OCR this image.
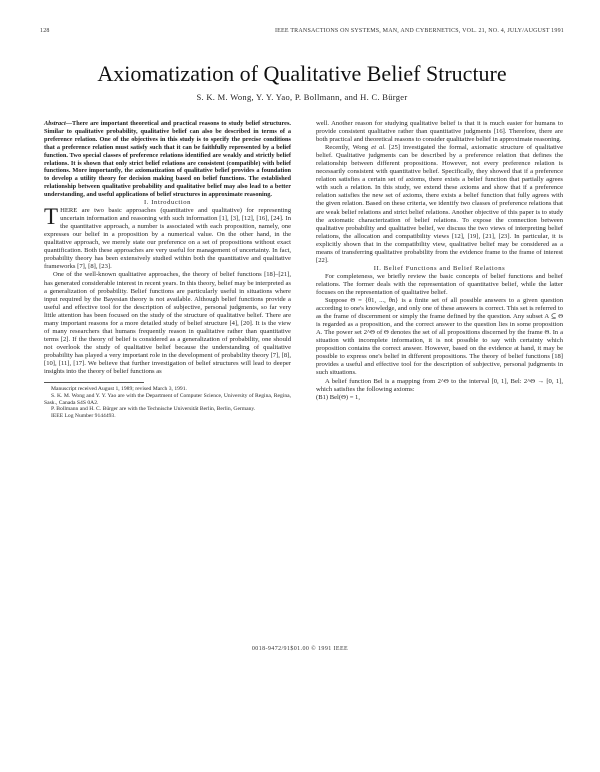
128	IEEE TRANSACTIONS ON SYSTEMS, MAN, AND CYBERNETICS, VOL. 21, NO. 4, JULY/AUGUST 1991
Axiomatization of Qualitative Belief Structure
S. K. M. Wong, Y. Y. Yao, P. Bollmann, and H. C. Bürger

Abstract—There are important theoretical and practical reasons to study belief structures. Similar to qualitative probability, qualitative belief can also be described in terms of a preference relation. One of the objectives in this study is to specify the precise conditions that a preference relation must satisfy such that it can be faithfully represented by a belief function. Two special classes of preference relations identified are weakly and strictly belief relations. It is shown that only strict belief relations are consistent (compatible) with belief functions. More importantly, the axiomatization of qualitative belief provides a foundation to develop a utility theory for decision making based on belief functions. The established relationship between qualitative probability and qualitative belief may also lead to a better understanding, and useful applications of belief structures in approximate reasoning.

I. Introduction

THERE are two basic approaches (quantitative and qualitative) for representing uncertain information and reasoning with such information [1], [3], [12], [16], [24]. In the quantitative approach, a number is associated with each proposition, namely, one expresses our belief in a proposition by a numerical value. On the other hand, in the qualitative approach, we merely state our preference on a set of propositions without exact quantification. Both these approaches are very useful for management of uncertainty. In fact, probability theory has been extensively studied within both the quantitative and qualitative frameworks [7], [8], [23].

One of the well-known qualitative approaches, the theory of belief functions [18]–[21], has generated considerable interest in recent years. In this theory, belief may be interpreted as a generalization of probability. Belief functions are particularly useful in situations where input required by the Bayesian theory is not available. Although belief functions provide a useful and effective tool for the description of subjective, personal judgments, so far very little attention has been focused on the study of the structure of qualitative belief. There are many important reasons for a more detailed study of belief structure [4], [20]. It is the view of many researchers that humans frequently reason in qualitative rather than quantitative terms [2]. If the theory of belief is considered as a generalization of probability, one should not overlook the study of qualitative belief because the understanding of qualitative probability has played a very important role in the development of probability theory [7], [8], [10], [11], [17]. We believe that further investigation of belief structures will lead to deeper insights into the theory of belief functions as

Manuscript received August 1, 1989; revised March 3, 1991.

S. K. M. Wong and Y. Y. Yao are with the Department of Computer Science, University of Regina, Regina, Sask., Canada S4S 0A2.

P. Bollmann and H. C. Bürger are with the Technische Universität Berlin, Berlin, Germany.

IEEE Log Number 9144493.

well. Another reason for studying qualitative belief is that it is much easier for humans to provide consistent qualitative rather than quantitative judgments [16]. Therefore, there are both practical and theoretical reasons to consider qualitative belief in approximate reasoning.

Recently, Wong et al. [25] investigated the formal, axiomatic structure of qualitative belief. Qualitative judgments can be described by a preference relation that defines the relationship between different propositions. However, not every preference relation is necessarily consistent with quantitative belief. Specifically, they showed that if a preference relation satisfies a certain set of axioms, there exists a belief function that partially agrees with such a relation. In this study, we extend these axioms and show that if a preference relation satisfies the new set of axioms, there exists a belief function that fully agrees with the given relation. Based on these criteria, we identify two classes of preference relations that are weak belief relations and strict belief relations. Another objective of this paper is to study the axiomatic characterization of belief relations. To expose the connection between qualitative probability and qualitative belief, we discuss the two views of interpreting belief relations, the allocation and compatibility views [12], [19], [21], [23]. In particular, it is explicitly shown that in the compatibility view, qualitative belief may be considered as a means of transferring qualitative probability from the evidence frame to the frame of interest [22].

II. Belief Functions and Belief Relations

For completeness, we briefly review the basic concepts of belief functions and belief relations. The former deals with the representation of quantitative belief, while the latter focuses on the representation of qualitative belief.

Suppose Θ = {θ1, ..., θn} is a finite set of all possible answers to a given question according to one's knowledge, and only one of these answers is correct. This set is referred to as the frame of discernment or simply the frame defined by the question. Any subset A ⊆ Θ is regarded as a proposition, and the correct answer to the question lies in some proposition A. The power set 2^Θ of Θ denotes the set of all propositions discerned by the frame Θ. In a situation with incomplete information, it is not possible to say with certainty which proposition contains the correct answer. However, based on the evidence at hand, it may be possible to express one's belief in different propositions. The theory of belief functions [18] provides a useful and effective tool for the description of subjective, personal judgments in such situations.

A belief function Bel is a mapping from 2^Θ to the interval [0, 1], Bel: 2^Θ → [0, 1], which satisfies the following axioms:

(B1) Bel(Θ) = 1,

0018-9472/91$01.00 © 1991 IEEE
